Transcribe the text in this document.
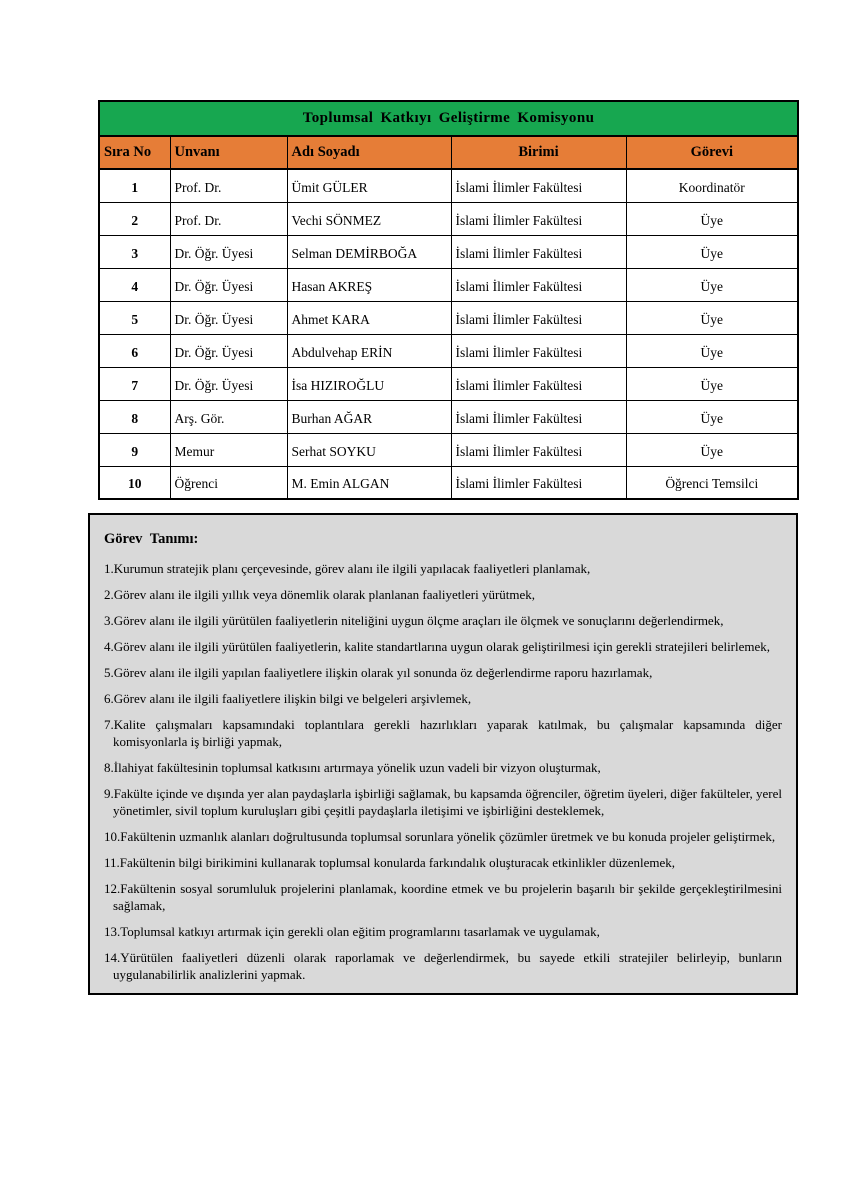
Toplumsal Katkıyı Geliştirme Komisyonu				
Sıra No	Unvanı	Adı Soyadı	Birimi	Görevi
1	Prof. Dr.	Ümit GÜLER	İslami İlimler Fakültesi	Koordinatör
2	Prof. Dr.	Vechi SÖNMEZ	İslami İlimler Fakültesi	Üye
3	Dr. Öğr. Üyesi	Selman DEMİRBOĞA	İslami İlimler Fakültesi	Üye
4	Dr. Öğr. Üyesi	Hasan AKREŞ	İslami İlimler Fakültesi	Üye
5	Dr. Öğr. Üyesi	Ahmet KARA	İslami İlimler Fakültesi	Üye
6	Dr. Öğr. Üyesi	Abdulvehap ERİN	İslami İlimler Fakültesi	Üye
7	Dr. Öğr. Üyesi	İsa HIZIROĞLU	İslami İlimler Fakültesi	Üye
8	Arş. Gör.	Burhan AĞAR	İslami İlimler Fakültesi	Üye
9	Memur	Serhat SOYKU	İslami İlimler Fakültesi	Üye
10	Öğrenci	M. Emin ALGAN	İslami İlimler Fakültesi	Öğrenci Temsilci
Görev Tanımı:
1.Kurumun stratejik planı çerçevesinde, görev alanı ile ilgili yapılacak faaliyetleri planlamak,
2.Görev alanı ile ilgili yıllık veya dönemlik olarak planlanan faaliyetleri yürütmek,
3.Görev alanı ile ilgili yürütülen faaliyetlerin niteliğini uygun ölçme araçları ile ölçmek ve sonuçlarını değerlendirmek,
4.Görev alanı ile ilgili yürütülen faaliyetlerin, kalite standartlarına uygun olarak geliştirilmesi için gerekli stratejileri belirlemek,
5.Görev alanı ile ilgili yapılan faaliyetlere ilişkin olarak yıl sonunda öz değerlendirme raporu hazırlamak,
6.Görev alanı ile ilgili faaliyetlere ilişkin bilgi ve belgeleri arşivlemek,
7.Kalite çalışmaları kapsamındaki toplantılara gerekli hazırlıkları yaparak katılmak, bu çalışmalar kapsamında diğer komisyonlarla iş birliği yapmak,
8.İlahiyat fakültesinin toplumsal katkısını artırmaya yönelik uzun vadeli bir vizyon oluşturmak,
9.Fakülte içinde ve dışında yer alan paydaşlarla işbirliği sağlamak, bu kapsamda öğrenciler, öğretim üyeleri, diğer fakülteler, yerel yönetimler, sivil toplum kuruluşları gibi çeşitli paydaşlarla iletişimi ve işbirliğini desteklemek,
10.Fakültenin uzmanlık alanları doğrultusunda toplumsal sorunlara yönelik çözümler üretmek ve bu konuda projeler geliştirmek,
11.Fakültenin bilgi birikimini kullanarak toplumsal konularda farkındalık oluşturacak etkinlikler düzenlemek,
12.Fakültenin sosyal sorumluluk projelerini planlamak, koordine etmek ve bu projelerin başarılı bir şekilde gerçekleştirilmesini sağlamak,
13.Toplumsal katkıyı artırmak için gerekli olan eğitim programlarını tasarlamak ve uygulamak,
14.Yürütülen faaliyetleri düzenli olarak raporlamak ve değerlendirmek, bu sayede etkili stratejiler belirleyip, bunların uygulanabilirlik analizlerini yapmak.
